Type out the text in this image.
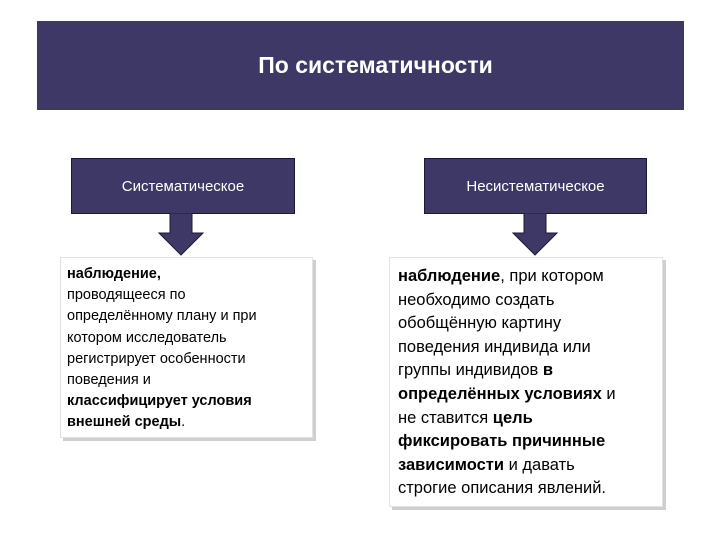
По систематичности
Систематическое	Несистематическое
наблюдение,
проводящееся по
определённому плану и при
котором исследователь
регистрирует особенности
поведения и
классифицирует условия
внешней среды.
наблюдение, при котором
необходимо создать
обобщённую картину
поведения индивида или
группы индивидов в
определённых условиях и
не ставится цель
фиксировать причинные
зависимости и давать
строгие описания явлений.
